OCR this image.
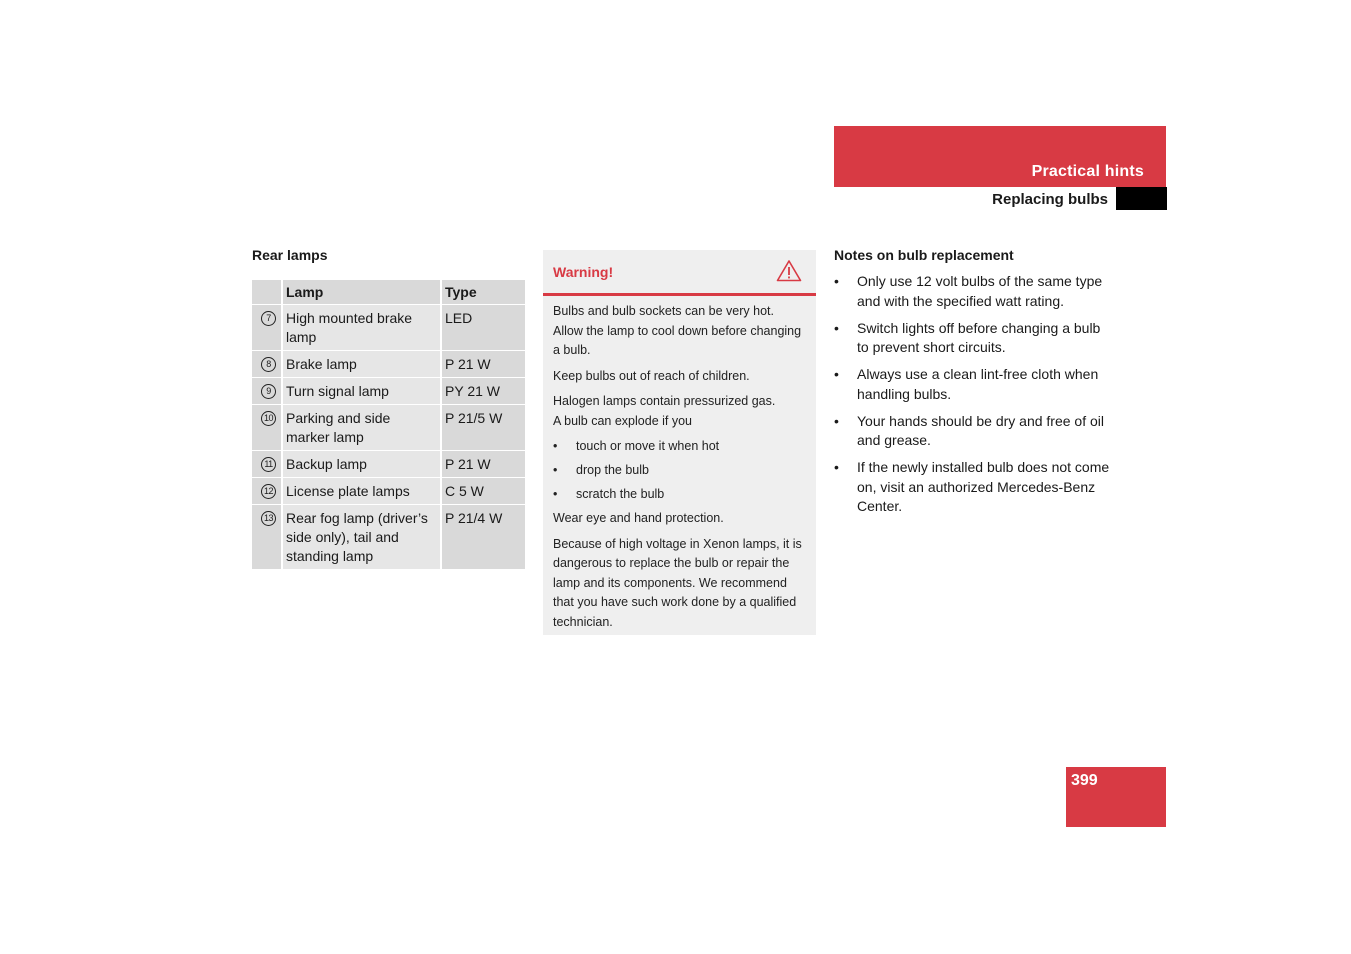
Practical hints
Replacing bulbs
Rear lamps
	Lamp	Type
7	High mounted brake lamp	LED
8	Brake lamp	P 21 W
9	Turn signal lamp	PY 21 W
10	Parking and side marker lamp	P 21/5 W
11	Backup lamp	P 21 W
12	License plate lamps	C 5 W
13	Rear fog lamp (driver’s side only), tail and standing lamp	P 21/4 W
Warning!

Bulbs and bulb sockets can be very hot. Allow the lamp to cool down before changing a bulb.

Keep bulbs out of reach of children.

Halogen lamps contain pressurized gas.
A bulb can explode if you

• touch or move it when hot
• drop the bulb
• scratch the bulb

Wear eye and hand protection.

Because of high voltage in Xenon lamps, it is dangerous to replace the bulb or repair the lamp and its components. We recommend that you have such work done by a qualified technician.

Notes on bulb replacement
• Only use 12 volt bulbs of the same type and with the specified watt rating.
• Switch lights off before changing a bulb to prevent short circuits.
• Always use a clean lint-free cloth when handling bulbs.
• Your hands should be dry and free of oil and grease.
• If the newly installed bulb does not come on, visit an authorized Mercedes-Benz Center.
399
